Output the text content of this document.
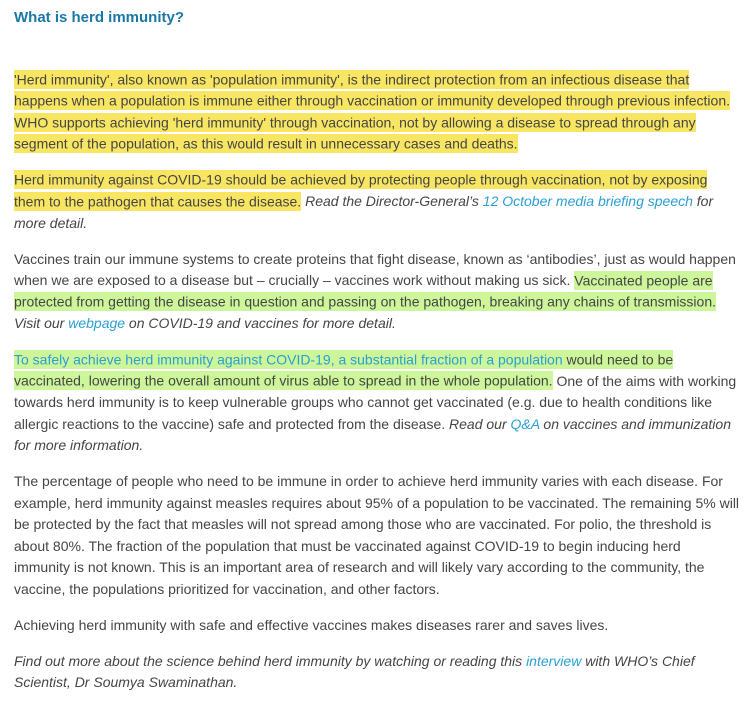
What is herd immunity?

'Herd immunity', also known as 'population immunity', is the indirect protection from an infectious disease that happens when a population is immune either through vaccination or immunity developed through previous infection. WHO supports achieving 'herd immunity' through vaccination, not by allowing a disease to spread through any segment of the population, as this would result in unnecessary cases and deaths.

Herd immunity against COVID-19 should be achieved by protecting people through vaccination, not by exposing them to the pathogen that causes the disease. Read the Director-General’s 12 October media briefing speech for more detail.

Vaccines train our immune systems to create proteins that fight disease, known as ‘antibodies’, just as would happen when we are exposed to a disease but – crucially – vaccines work without making us sick. Vaccinated people are protected from getting the disease in question and passing on the pathogen, breaking any chains of transmission. Visit our webpage on COVID-19 and vaccines for more detail.

To safely achieve herd immunity against COVID-19, a substantial fraction of a population would need to be vaccinated, lowering the overall amount of virus able to spread in the whole population. One of the aims with working towards herd immunity is to keep vulnerable groups who cannot get vaccinated (e.g. due to health conditions like allergic reactions to the vaccine) safe and protected from the disease. Read our Q&A on vaccines and immunization for more information.

The percentage of people who need to be immune in order to achieve herd immunity varies with each disease. For example, herd immunity against measles requires about 95% of a population to be vaccinated. The remaining 5% will be protected by the fact that measles will not spread among those who are vaccinated. For polio, the threshold is about 80%. The fraction of the population that must be vaccinated against COVID-19 to begin inducing herd immunity is not known. This is an important area of research and will likely vary according to the community, the vaccine, the populations prioritized for vaccination, and other factors.

Achieving herd immunity with safe and effective vaccines makes diseases rarer and saves lives.

Find out more about the science behind herd immunity by watching or reading this interview with WHO’s Chief Scientist, Dr Soumya Swaminathan.
